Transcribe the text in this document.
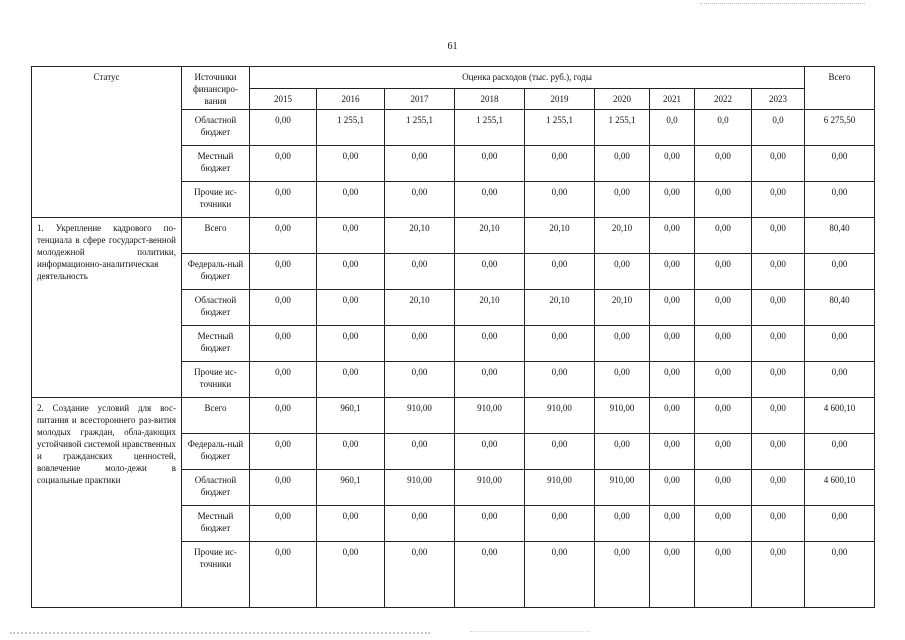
61
Статус	Источники финансиро-вания	Оценка расходов (тыс. руб.), годы									Всего
		2015	2016	2017	2018	2019	2020	2021	2022	2023	
	Областной бюджет	0,00	1 255,1	1 255,1	1 255,1	1 255,1	1 255,1	0,0	0,0	0,0	6 275,50
	Местный бюджет	0,00	0,00	0,00	0,00	0,00	0,00	0,00	0,00	0,00	0,00
	Прочие ис-точники	0,00	0,00	0,00	0,00	0,00	0,00	0,00	0,00	0,00	0,00
1. Укрепление кадрового по-тенциала в сфере государст-венной молодежной политики, информационно-аналитическая деятельность	Всего	0,00	0,00	20,10	20,10	20,10	20,10	0,00	0,00	0,00	80,40
	Федераль-ный бюджет	0,00	0,00	0,00	0,00	0,00	0,00	0,00	0,00	0,00	0,00
	Областной бюджет	0,00	0,00	20,10	20,10	20,10	20,10	0,00	0,00	0,00	80,40
	Местный бюджет	0,00	0,00	0,00	0,00	0,00	0,00	0,00	0,00	0,00	0,00
	Прочие ис-точники	0,00	0,00	0,00	0,00	0,00	0,00	0,00	0,00	0,00	0,00
2. Создание условий для вос-питания и всестороннего раз-вития молодых граждан, обла-дающих устойчивой системой нравственных и гражданских ценностей, вовлечение моло-дежи в социальные практики	Всего	0,00	960,1	910,00	910,00	910,00	910,00	0,00	0,00	0,00	4 600,10
	Федераль-ный бюджет	0,00	0,00	0,00	0,00	0,00	0,00	0,00	0,00	0,00	0,00
	Областной бюджет	0,00	960,1	910,00	910,00	910,00	910,00	0,00	0,00	0,00	4 600,10
	Местный бюджет	0,00	0,00	0,00	0,00	0,00	0,00	0,00	0,00	0,00	0,00
	Прочие ис-точники	0,00	0,00	0,00	0,00	0,00	0,00	0,00	0,00	0,00	0,00
